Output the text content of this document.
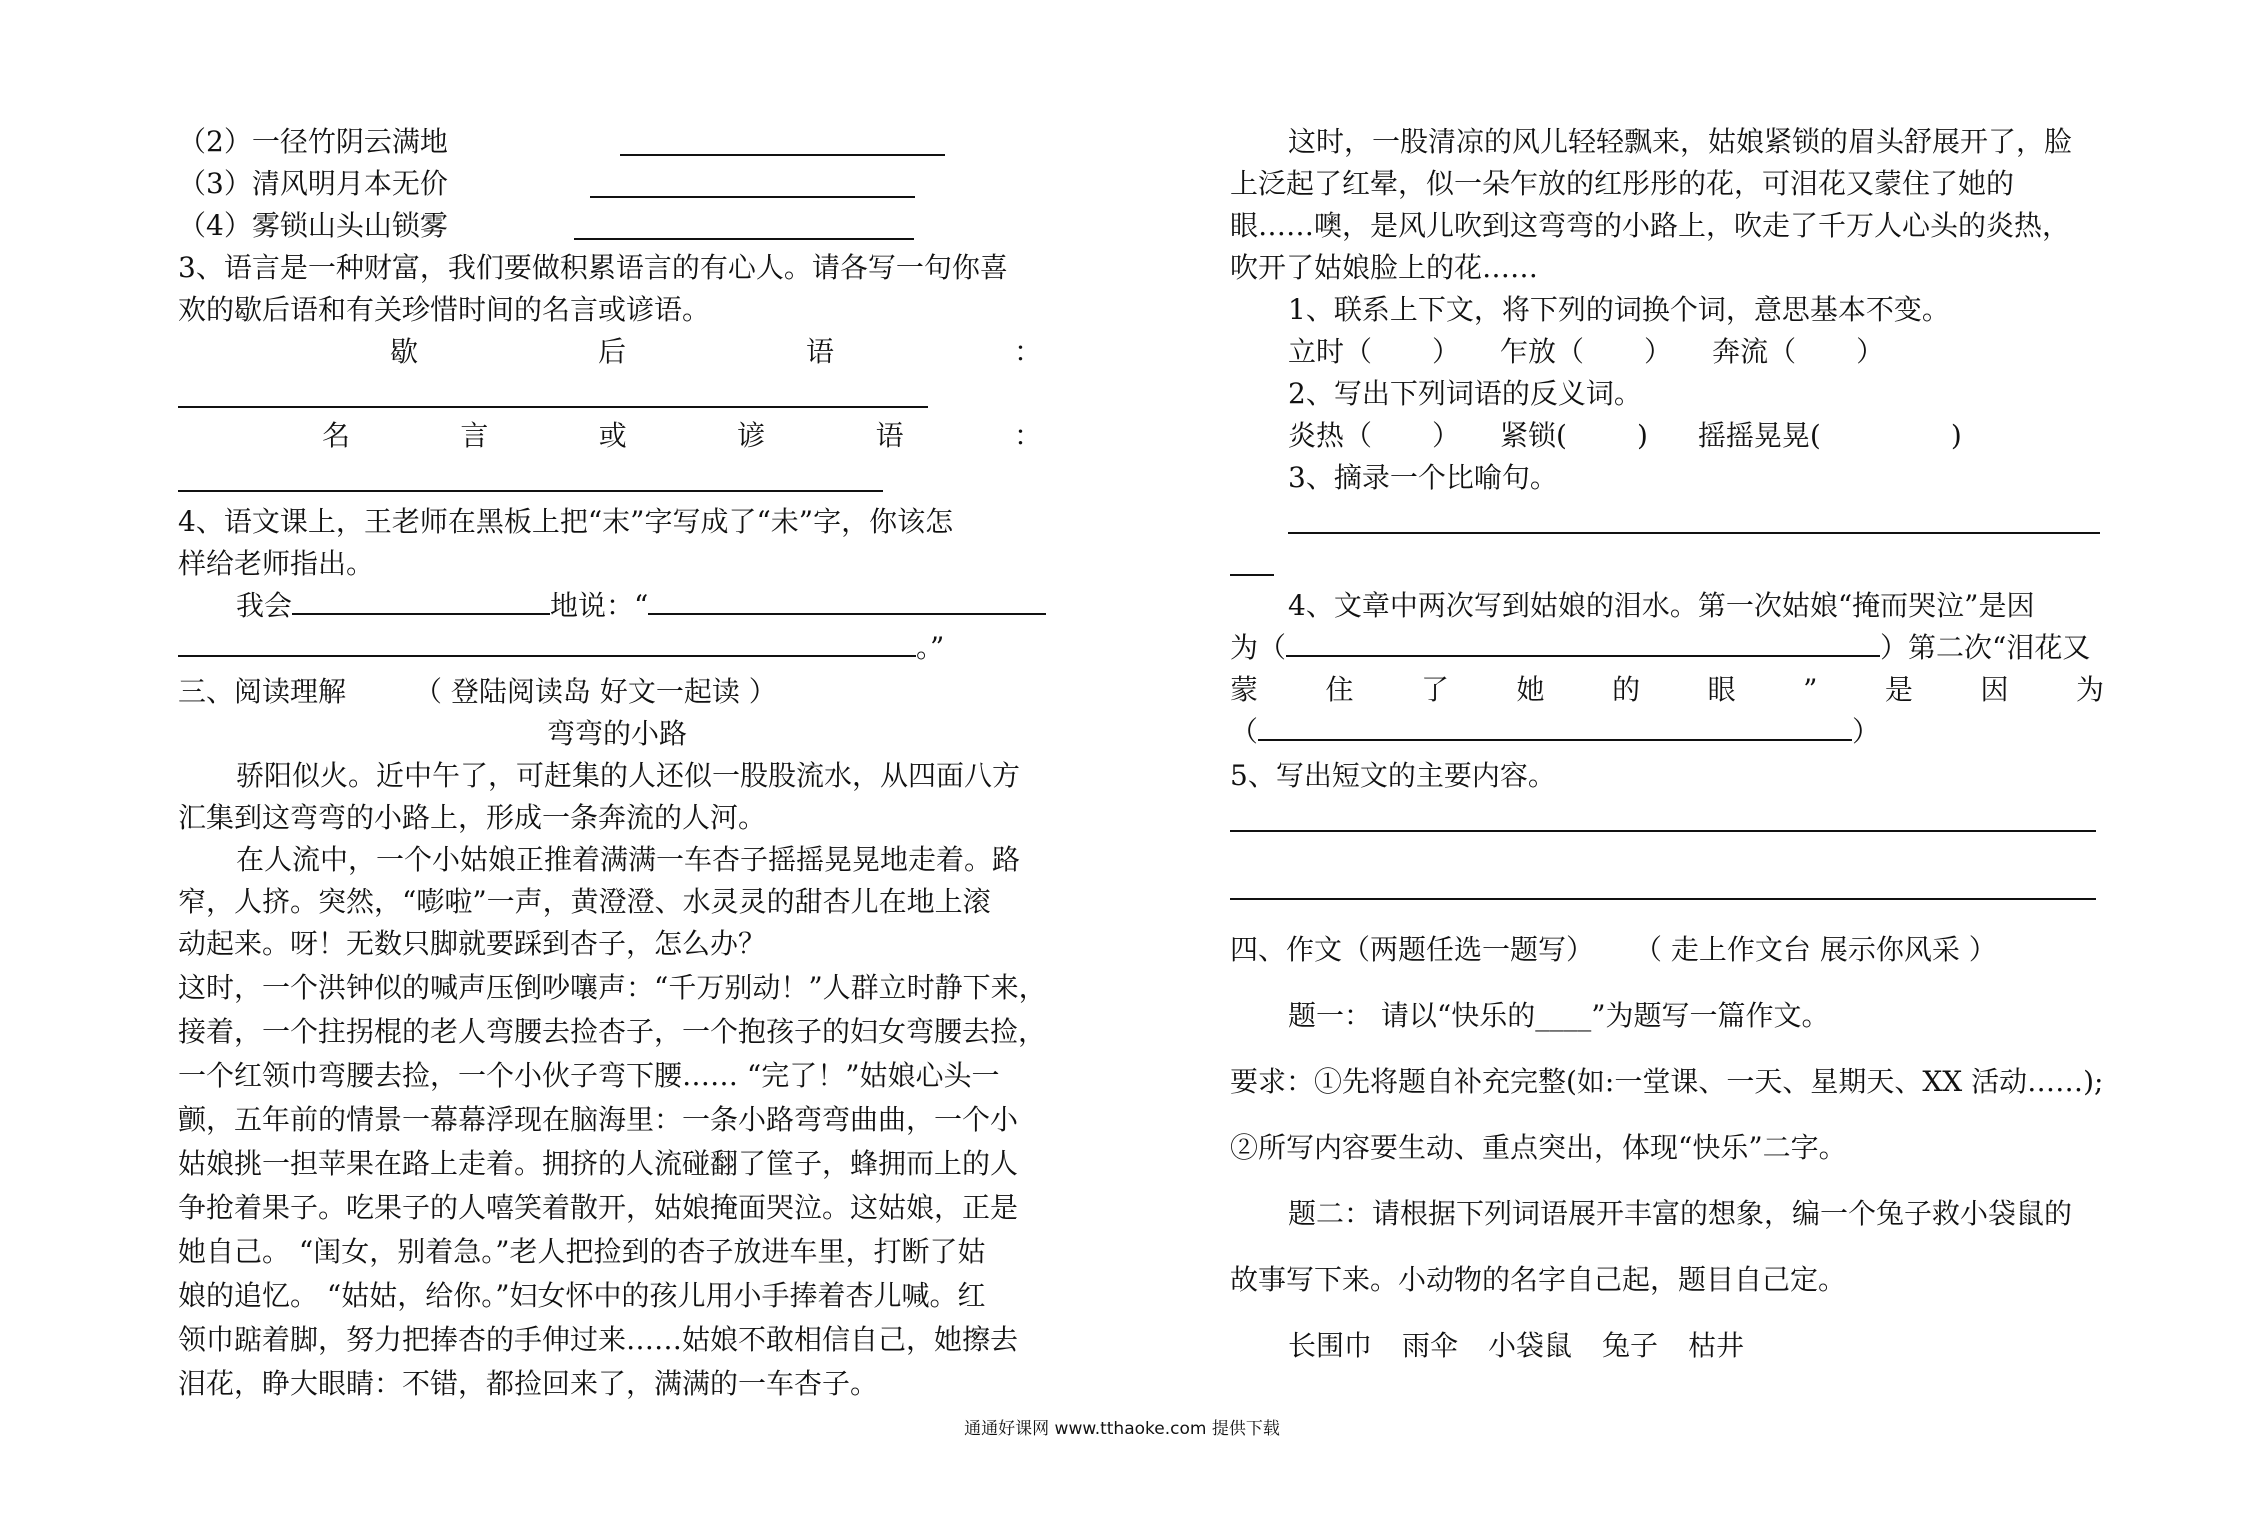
（2）一径竹阴云满地
（3）清风明月本无价
（4）雾锁山头山锁雾
3、语言是一种财富，我们要做积累语言的有心人。请各写一句你喜
欢的歇后语和有关珍惜时间的名言或谚语。
歇	后	语	：
名	言	或	谚	语	：
4、语文课上，王老师在黑板上把“末”字写成了“未”字，你该怎
样给老师指出。
我会	地说：“
。”
三、阅读理解 （ 登陆阅读岛 好文一起读 ）
弯弯的小路
骄阳似火。近中午了，可赶集的人还似一股股流水，从四面八方
汇集到这弯弯的小路上，形成一条奔流的人河。
在人流中，一个小姑娘正推着满满一车杏子摇摇晃晃地走着。路
窄，人挤。突然，“嘭啦”一声，黄澄澄、水灵灵的甜杏儿在地上滚
动起来。呀！无数只脚就要踩到杏子，怎么办？
这时，一个洪钟似的喊声压倒吵嚷声：“千万别动！”人群立时静下来，
接着，一个拄拐棍的老人弯腰去捡杏子，一个抱孩子的妇女弯腰去捡，
一个红领巾弯腰去捡，一个小伙子弯下腰…… “完了！”姑娘心头一
颤，五年前的情景一幕幕浮现在脑海里：一条小路弯弯曲曲，一个小
姑娘挑一担苹果在路上走着。拥挤的人流碰翻了筐子，蜂拥而上的人
争抢着果子。吃果子的人嘻笑着散开，姑娘掩面哭泣。这姑娘，正是
她自己。 “闺女，别着急。”老人把捡到的杏子放进车里，打断了姑
娘的追忆。 “姑姑，给你。”妇女怀中的孩儿用小手捧着杏儿喊。红
领巾踮着脚，努力把捧杏的手伸过来……姑娘不敢相信自己，她擦去
泪花，睁大眼睛：不错，都捡回来了，满满的一车杏子。
这时，一股清凉的风儿轻轻飘来，姑娘紧锁的眉头舒展开了，脸
上泛起了红晕，似一朵乍放的红彤彤的花，可泪花又蒙住了她的
眼……噢，是风儿吹到这弯弯的小路上，吹走了千万人心头的炎热，
吹开了姑娘脸上的花……
1、联系上下文，将下列的词换个词，意思基本不变。
立时（ ） 乍放（ ） 奔流（ ）
2、写出下列词语的反义词。
炎热（ ） 紧锁(	) 摇摇晃晃(	)
3、摘录一个比喻句。
4、文章中两次写到姑娘的泪水。第一次姑娘“掩而哭泣”是因
为（	）第二次“泪花又
蒙 住 了 她 的 眼 ” 是 因 为
（	）
5、写出短文的主要内容。
四、作文（两题任选一题写） （ 走上作文台 展示你风采 ）
题一： 请以“快乐的____”为题写一篇作文。
要求：①先将题自补充完整(如:一堂课、一天、星期天、XX 活动……);
②所写内容要生动、重点突出，体现“快乐”二字。
题二：请根据下列词语展开丰富的想象，编一个兔子救小袋鼠的
故事写下来。小动物的名字自己起，题目自己定。
长围巾 雨伞 小袋鼠 兔子 枯井
通通好课网 www.tthaoke.com 提供下载
